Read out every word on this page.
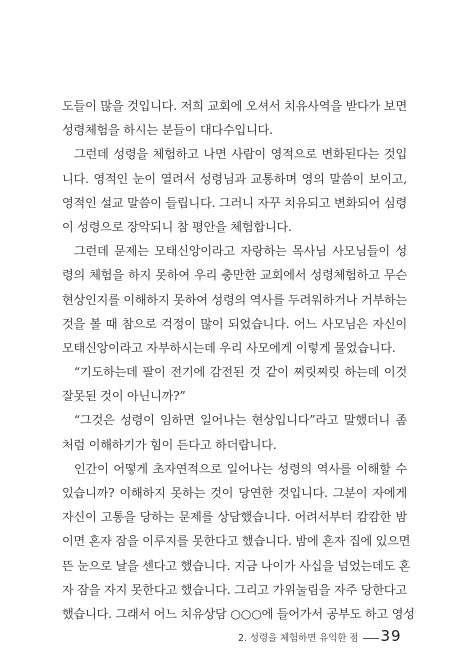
도들이 많을 것입니다. 저희 교회에 오셔서 치유사역을 받다가 보면
성령체험을 하시는 분들이 대다수입니다.
그런데 성령을 체험하고 나면 사람이 영적으로 변화된다는 것입
니다. 영적인 눈이 열려서 성령님과 교통하며 영의 말씀이 보이고,
영적인 설교 말씀이 들립니다. 그러니 자꾸 치유되고 변화되어 심령
이 성령으로 장악되니 참 평안을 체험합니다.
그런데 문제는 모태신앙이라고 자랑하는 목사님 사모님들이 성
령의 체험을 하지 못하여 우리 충만한 교회에서 성령체험하고 무슨
현상인지를 이해하지 못하여 성령의 역사를 두려워하거나 거부하는
것을 볼 때 참으로 걱정이 많이 되었습니다. 어느 사모님은 자신이
모태신앙이라고 자부하시는데 우리 사모에게 이렇게 물었습니다.
“기도하는데 팔이 전기에 감전된 것 같이 찌릿찌릿 하는데 이것
잘못된 것이 아닌니까?”
“그것은 성령이 임하면 일어나는 현상입니다”라고 말했더니 좀
처럼 이해하기가 힘이 든다고 하더랍니다.
인간이 어떻게 초자연적으로 일어나는 성령의 역사를 이해할 수
있습니까? 이해하지 못하는 것이 당연한 것입니다. 그분이 자에게
자신이 고통을 당하는 문제를 상담했습니다. 어려서부터 캄캄한 밤
이면 혼자 잠을 이루지를 못한다고 했습니다. 밤에 혼자 집에 있으면
뜬 눈으로 날을 센다고 했습니다. 지금 나이가 사십을 넘었는데도 혼
자 잠을 자지 못한다고 했습니다. 그리고 가위눌림을 자주 당한다고
했습니다. 그래서 어느 치유상담 ○○○에 들어가서 공부도 하고 영성
2. 성령을 체험하면 유익한 점 39
